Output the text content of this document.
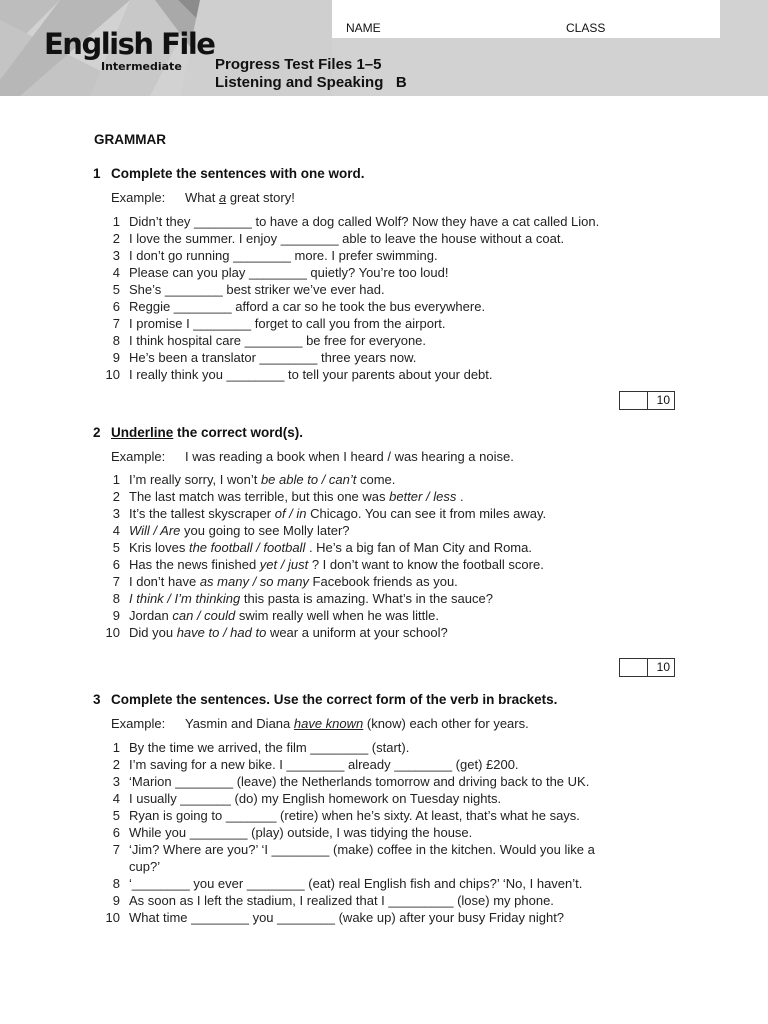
English File
Intermediate
NAME	CLASS
Progress Test Files 1–5
Listening and Speaking   B
GRAMMAR
1 Complete the sentences with one word.
Example: What a great story!
1 Didn’t they ________ to have a dog called Wolf? Now they have a cat called Lion.
2 I love the summer. I enjoy ________ able to leave the house without a coat.
3 I don’t go running ________ more. I prefer swimming.
4 Please can you play ________ quietly? You’re too loud!
5 She’s ________ best striker we’ve ever had.
6 Reggie ________ afford a car so he took the bus everywhere.
7 I promise I ________ forget to call you from the airport.
8 I think hospital care ________ be free for everyone.
9 He’s been a translator ________ three years now.
10 I really think you ________ to tell your parents about your debt.
10
2 Underline the correct word(s).
Example: I was reading a book when I heard / was hearing a noise.
1 I’m really sorry, I won’t be able to / can’t come.
2 The last match was terrible, but this one was better / less .
3 It’s the tallest skyscraper of / in Chicago. You can see it from miles away.
4 Will / Are you going to see Molly later?
5 Kris loves the football / football . He’s a big fan of Man City and Roma.
6 Has the news finished yet / just ? I don’t want to know the football score.
7 I don’t have as many / so many Facebook friends as you.
8 I think / I’m thinking this pasta is amazing. What’s in the sauce?
9 Jordan can / could swim really well when he was little.
10 Did you have to / had to wear a uniform at your school?
10
3 Complete the sentences. Use the correct form of the verb in brackets.
Example: Yasmin and Diana have known (know) each other for years.
1 By the time we arrived, the film ________ (start).
2 I’m saving for a new bike. I ________ already ________ (get) £200.
3 ‘Marion ________ (leave) the Netherlands tomorrow and driving back to the UK.
4 I usually _______ (do) my English homework on Tuesday nights.
5 Ryan is going to _______ (retire) when he’s sixty. At least, that’s what he says.
6 While you ________ (play) outside, I was tidying the house.
7 ‘Jim? Where are you?’ ‘I ________ (make) coffee in the kitchen. Would you like a cup?’
8 ‘________ you ever ________ (eat) real English fish and chips?’ ‘No, I haven’t.
9 As soon as I left the stadium, I realized that I _________ (lose) my phone.
10 What time ________ you ________ (wake up) after your busy Friday night?
